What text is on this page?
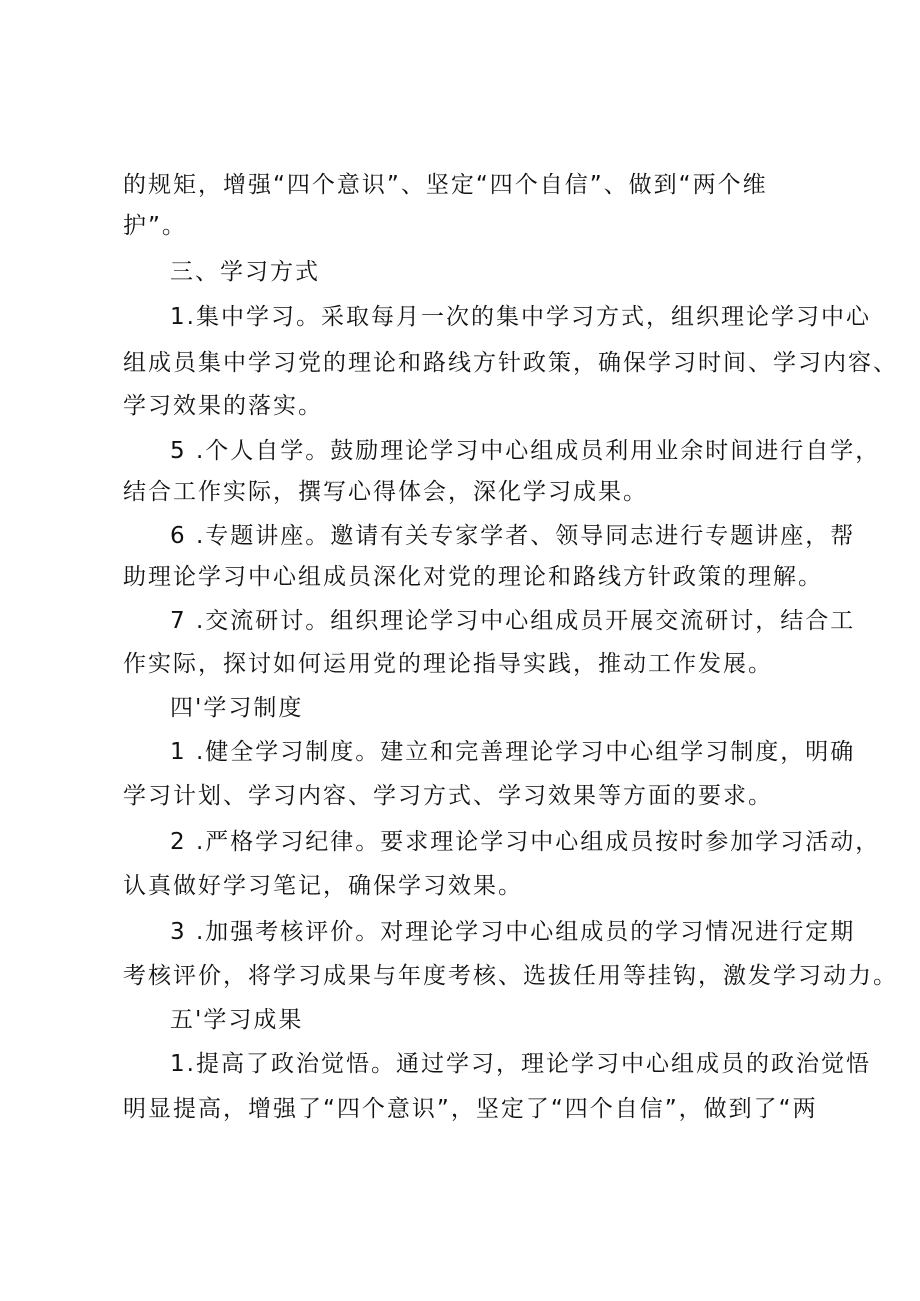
的规矩，增强“四个意识”、坚定“四个自信”、做到“两个维
护”。
三、学习方式
1.集中学习。采取每月一次的集中学习方式，组织理论学习中心
组成员集中学习党的理论和路线方针政策，确保学习时间、学习内容、
学习效果的落实。
5 .个人自学。鼓励理论学习中心组成员利用业余时间进行自学，
结合工作实际，撰写心得体会，深化学习成果。
6 .专题讲座。邀请有关专家学者、领导同志进行专题讲座，帮
助理论学习中心组成员深化对党的理论和路线方针政策的理解。
7 .交流研讨。组织理论学习中心组成员开展交流研讨，结合工
作实际，探讨如何运用党的理论指导实践，推动工作发展。
四'学习制度
1 .健全学习制度。建立和完善理论学习中心组学习制度，明确
学习计划、学习内容、学习方式、学习效果等方面的要求。
2 .严格学习纪律。要求理论学习中心组成员按时参加学习活动，
认真做好学习笔记，确保学习效果。
3 .加强考核评价。对理论学习中心组成员的学习情况进行定期
考核评价，将学习成果与年度考核、选拔任用等挂钩，激发学习动力。
五'学习成果
1.提高了政治觉悟。通过学习，理论学习中心组成员的政治觉悟
明显提高，增强了“四个意识”，坚定了“四个自信”，做到了“两
